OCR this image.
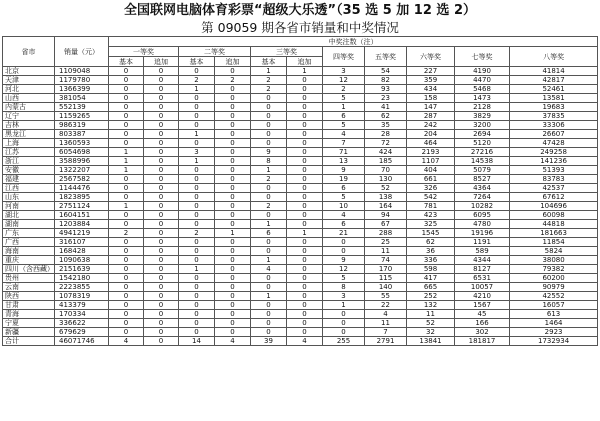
全国联网电脑体育彩票“超级大乐透”（35 选 5 加 12 选 2）
第 09059 期各省市销量和中奖情况
省市	销量（元）	中奖注数（注）										
		一等奖		二等奖		三等奖		四等奖	五等奖	六等奖	七等奖	八等奖
		基本	追加	基本	追加	基本	追加					
北京	1109048	0	0	0	0	1	1	3	54	227	4190	41814
天津	1179780	0	0	2	2	2	0	12	82	359	4470	42817
河北	1366399	0	0	1	0	2	0	2	93	434	5468	52461
山西	381054	0	0	0	0	0	0	5	23	158	1473	13581
内蒙古	552139	0	0	0	0	0	0	1	41	147	2128	19683
辽宁	1159265	0	0	0	0	0	0	6	62	287	3829	37835
吉林	986319	0	0	0	0	0	0	5	35	242	3200	33306
黑龙江	803387	0	0	1	0	0	0	4	28	204	2694	26607
上海	1360593	0	0	0	0	0	0	7	72	464	5120	47428
江苏	6054698	1	0	3	0	9	0	71	424	2193	27216	249258
浙江	3588996	1	0	1	0	8	0	13	185	1107	14538	141236
安徽	1322207	1	0	0	0	1	0	9	70	404	5079	51393
福建	2567582	0	0	0	0	2	0	19	130	661	8527	83783
江西	1144476	0	0	0	0	0	0	6	52	326	4364	42537
山东	1823895	0	0	0	0	0	0	5	138	542	7264	67612
河南	2751124	1	0	0	0	2	0	10	164	781	10282	104696
湖北	1604151	0	0	0	0	0	0	4	94	423	6095	60098
湖南	1203884	0	0	0	0	1	0	6	67	325	4780	44818
广东	4941219	2	0	2	1	6	1	21	288	1545	19196	181663
广西	316107	0	0	0	0	0	0	0	25	62	1191	11854
海南	168428	0	0	0	0	0	0	0	11	36	589	5824
重庆	1090638	0	0	0	0	1	0	9	74	336	4344	38080
四川（含西藏）	2151639	0	0	1	0	4	0	12	170	598	8127	79382
贵州	1542180	0	0	0	0	0	0	5	115	417	6531	60200
云南	2223855	0	0	0	0	0	0	8	140	665	10057	90979
陕西	1078319	0	0	0	0	1	0	3	55	252	4210	42552
甘肃	413379	0	0	0	0	0	0	1	22	132	1567	16057
青海	170334	0	0	0	0	0	0	0	4	11	45	613
宁夏	336622	0	0	0	0	0	0	0	11	52	166	1464
新疆	679629	0	0	0	0	0	0	0	7	32	302	2923
合计	46071746	4	0	14	4	39	4	255	2791	13841	181817	1732934
